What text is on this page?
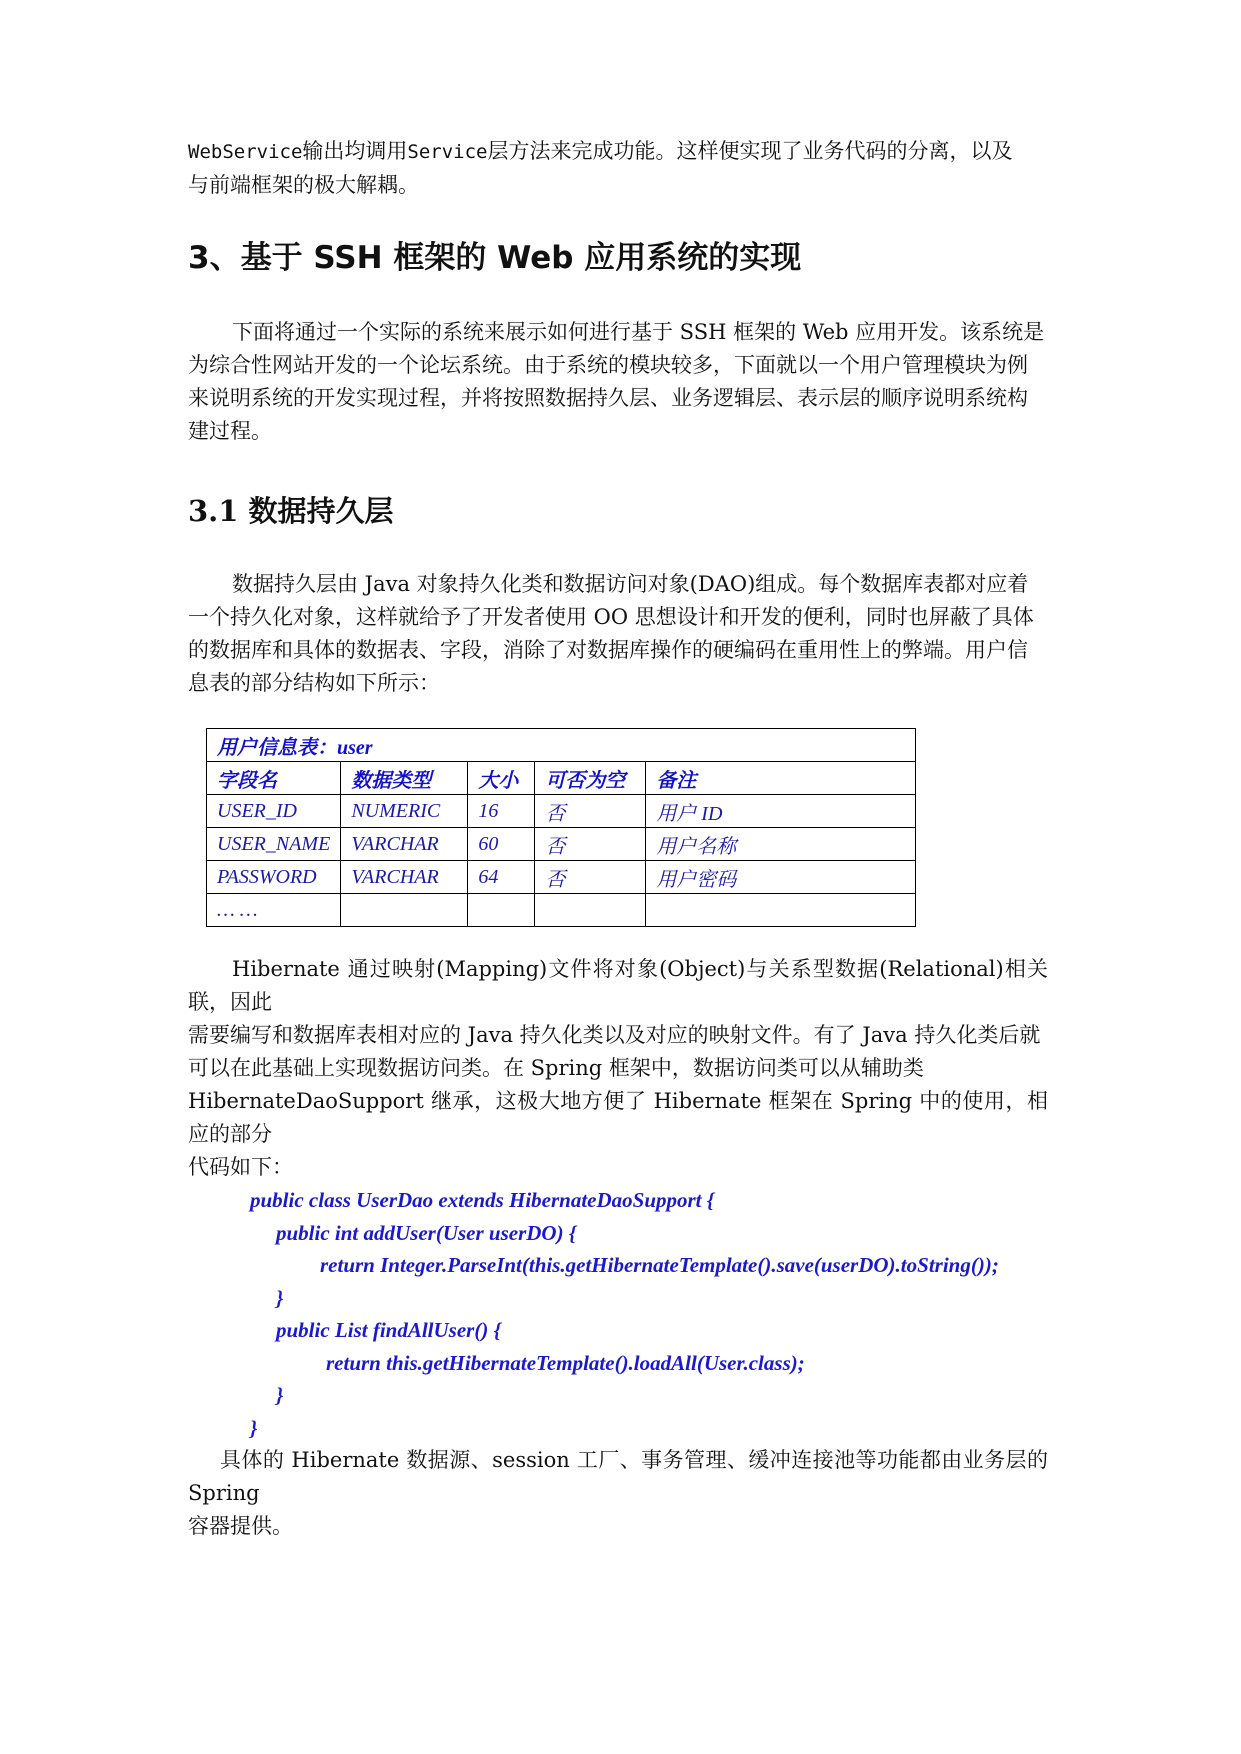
WebService输出均调用Service层方法来完成功能。这样便实现了业务代码的分离，以及
与前端框架的极大解耦。

3、基于 SSH 框架的 Web 应用系统的实现

下面将通过一个实际的系统来展示如何进行基于 SSH 框架的 Web 应用开发。该系统是
为综合性网站开发的一个论坛系统。由于系统的模块较多，下面就以一个用户管理模块为例
来说明系统的开发实现过程，并将按照数据持久层、业务逻辑层、表示层的顺序说明系统构
建过程。

3.1 数据持久层

数据持久层由 Java 对象持久化类和数据访问对象(DAO)组成。每个数据库表都对应着
一个持久化对象，这样就给予了开发者使用 OO 思想设计和开发的便利，同时也屏蔽了具体
的数据库和具体的数据表、字段，消除了对数据库操作的硬编码在重用性上的弊端。用户信
息表的部分结构如下所示：

用户信息表：user				
字段名	数据类型	大小	可否为空	备注
USER_ID	NUMERIC	16	否	用户 ID
USER_NAME	VARCHAR	60	否	用户名称
PASSWORD	VARCHAR	64	否	用户密码
… …				

Hibernate 通过映射(Mapping)文件将对象(Object)与关系型数据(Relational)相关联，因此
需要编写和数据库表相对应的 Java 持久化类以及对应的映射文件。有了 Java 持久化类后就
可以在此基础上实现数据访问类。在 Spring 框架中，数据访问类可以从辅助类
HibernateDaoSupport 继承，这极大地方便了 Hibernate 框架在 Spring 中的使用，相应的部分
代码如下：

public class UserDao extends HibernateDaoSupport {
public int addUser(User userDO) {
return Integer.ParseInt(this.getHibernateTemplate().save(userDO).toString());
}
public List findAllUser() {
return this.getHibernateTemplate().loadAll(User.class);
}
}

具体的 Hibernate 数据源、session 工厂、事务管理、缓冲连接池等功能都由业务层的 Spring
容器提供。
